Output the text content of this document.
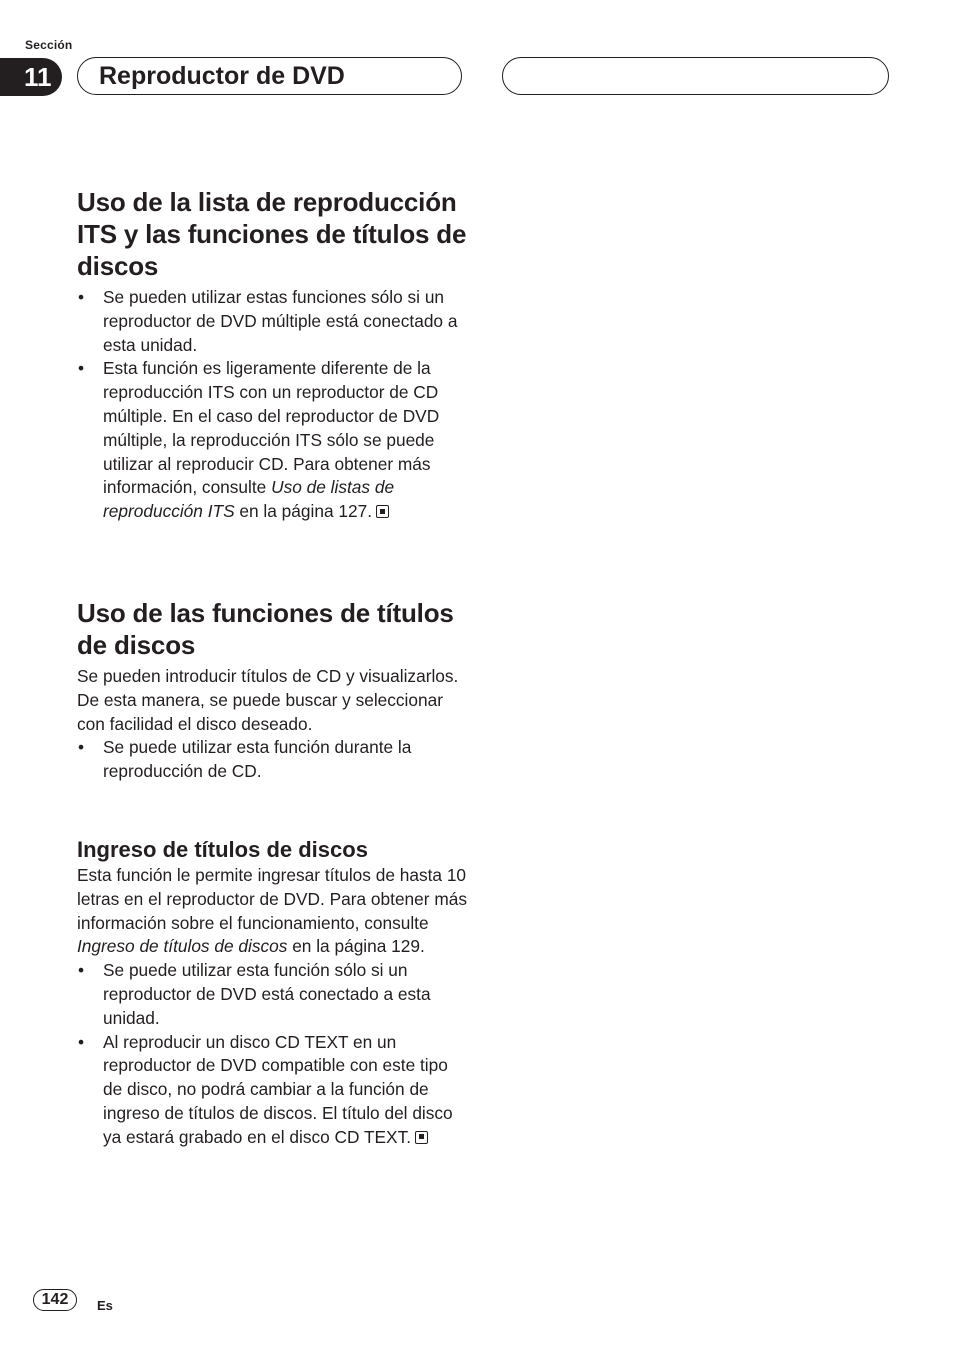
Sección
11	Reproductor de DVD
Uso de la lista de reproducción ITS y las funciones de títulos de discos
• Se pueden utilizar estas funciones sólo si un reproductor de DVD múltiple está conectado a esta unidad.
• Esta función es ligeramente diferente de la reproducción ITS con un reproductor de CD múltiple. En el caso del reproductor de DVD múltiple, la reproducción ITS sólo se puede utilizar al reproducir CD. Para obtener más información, consulte Uso de listas de reproducción ITS en la página 127.
Uso de las funciones de títulos de discos

Se pueden introducir títulos de CD y visualizarlos. De esta manera, se puede buscar y seleccionar con facilidad el disco deseado.

• Se puede utilizar esta función durante la reproducción de CD.
Ingreso de títulos de discos

Esta función le permite ingresar títulos de hasta 10 letras en el reproductor de DVD. Para obtener más información sobre el funcionamiento, consulte Ingreso de títulos de discos en la página 129.

• Se puede utilizar esta función sólo si un reproductor de DVD está conectado a esta unidad.
• Al reproducir un disco CD TEXT en un reproductor de DVD compatible con este tipo de disco, no podrá cambiar a la función de ingreso de títulos de discos. El título del disco ya estará grabado en el disco CD TEXT.
142	Es
